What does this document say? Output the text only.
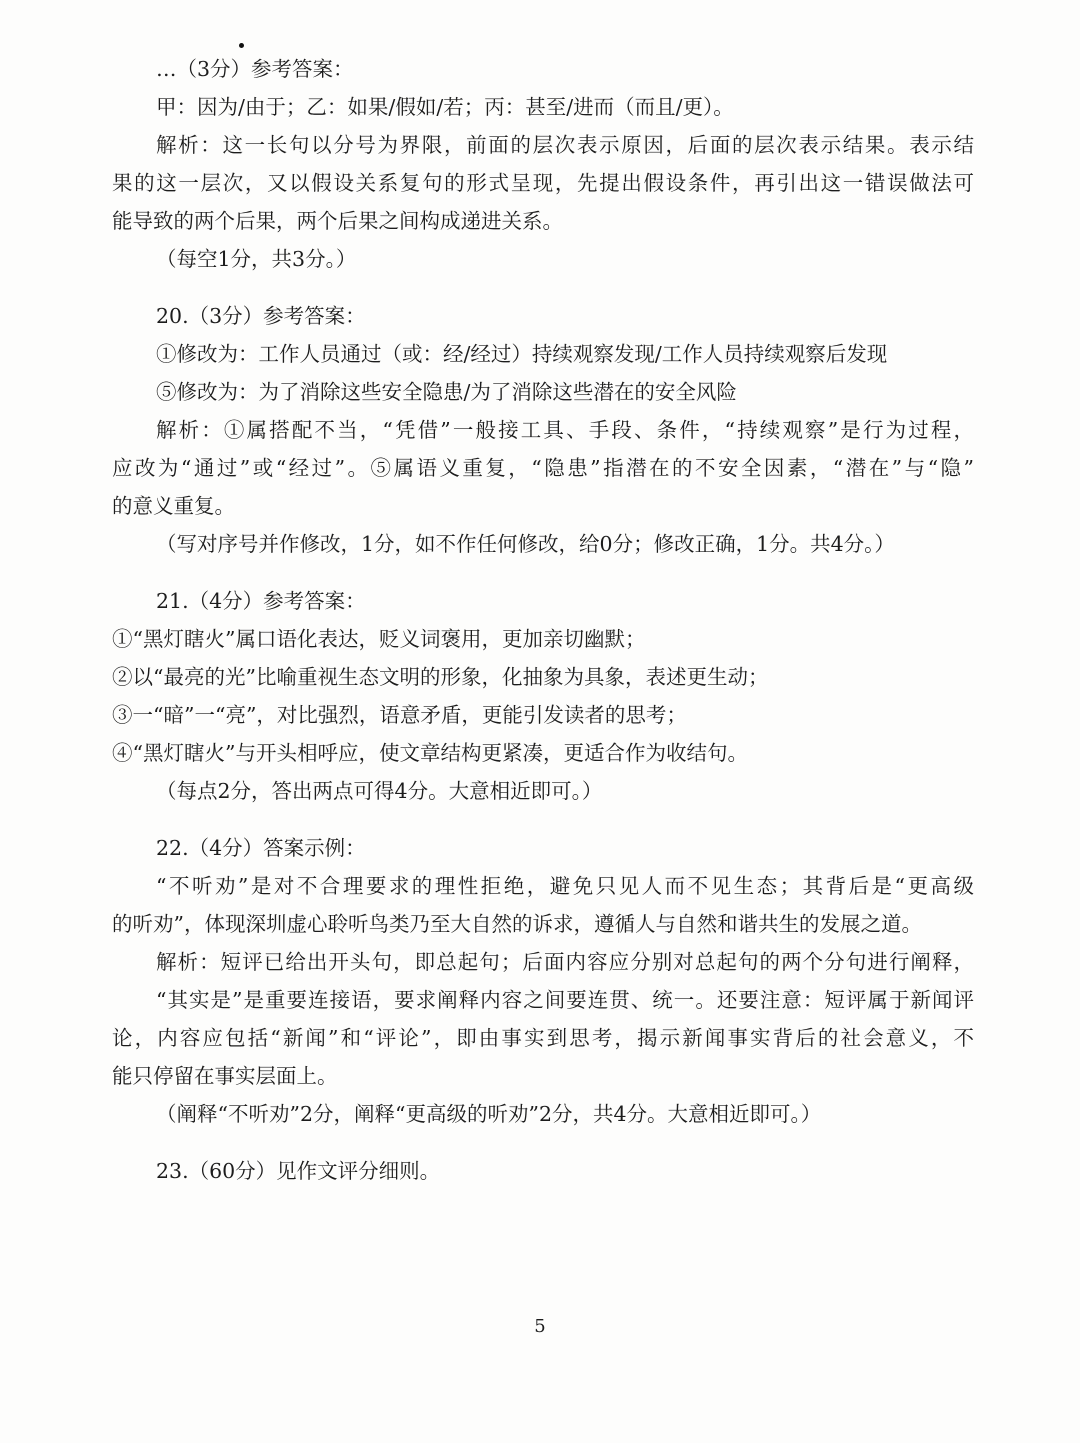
…（3分）参考答案：
甲：因为/由于；乙：如果/假如/若；丙：甚至/进而（而且/更）。
解析：这一长句以分号为界限，前面的层次表示原因，后面的层次表示结果。表示结
果的这一层次，又以假设关系复句的形式呈现，先提出假设条件，再引出这一错误做法可
能导致的两个后果，两个后果之间构成递进关系。
（每空1分，共3分。）
20.（3分）参考答案：
①修改为：工作人员通过（或：经/经过）持续观察发现/工作人员持续观察后发现
⑤修改为：为了消除这些安全隐患/为了消除这些潜在的安全风险
解析：①属搭配不当，“凭借”一般接工具、手段、条件，“持续观察”是行为过程，
应改为“通过”或“经过”。⑤属语义重复，“隐患”指潜在的不安全因素，“潜在”与“隐”
的意义重复。
（写对序号并作修改，1分，如不作任何修改，给0分；修改正确，1分。共4分。）
21.（4分）参考答案：
①“黑灯瞎火”属口语化表达，贬义词褒用，更加亲切幽默；
②以“最亮的光”比喻重视生态文明的形象，化抽象为具象，表述更生动；
③一“暗”一“亮”，对比强烈，语意矛盾，更能引发读者的思考；
④“黑灯瞎火”与开头相呼应，使文章结构更紧凑，更适合作为收结句。
（每点2分，答出两点可得4分。大意相近即可。）
22.（4分）答案示例：
“不听劝”是对不合理要求的理性拒绝，避免只见人而不见生态；其背后是“更高级
的听劝”，体现深圳虚心聆听鸟类乃至大自然的诉求，遵循人与自然和谐共生的发展之道。
解析：短评已给出开头句，即总起句；后面内容应分别对总起句的两个分句进行阐释，
“其实是”是重要连接语，要求阐释内容之间要连贯、统一。还要注意：短评属于新闻评
论，内容应包括“新闻”和“评论”，即由事实到思考，揭示新闻事实背后的社会意义，不
能只停留在事实层面上。
（阐释“不听劝”2分，阐释“更高级的听劝”2分，共4分。大意相近即可。）
23.（60分）见作文评分细则。
5
